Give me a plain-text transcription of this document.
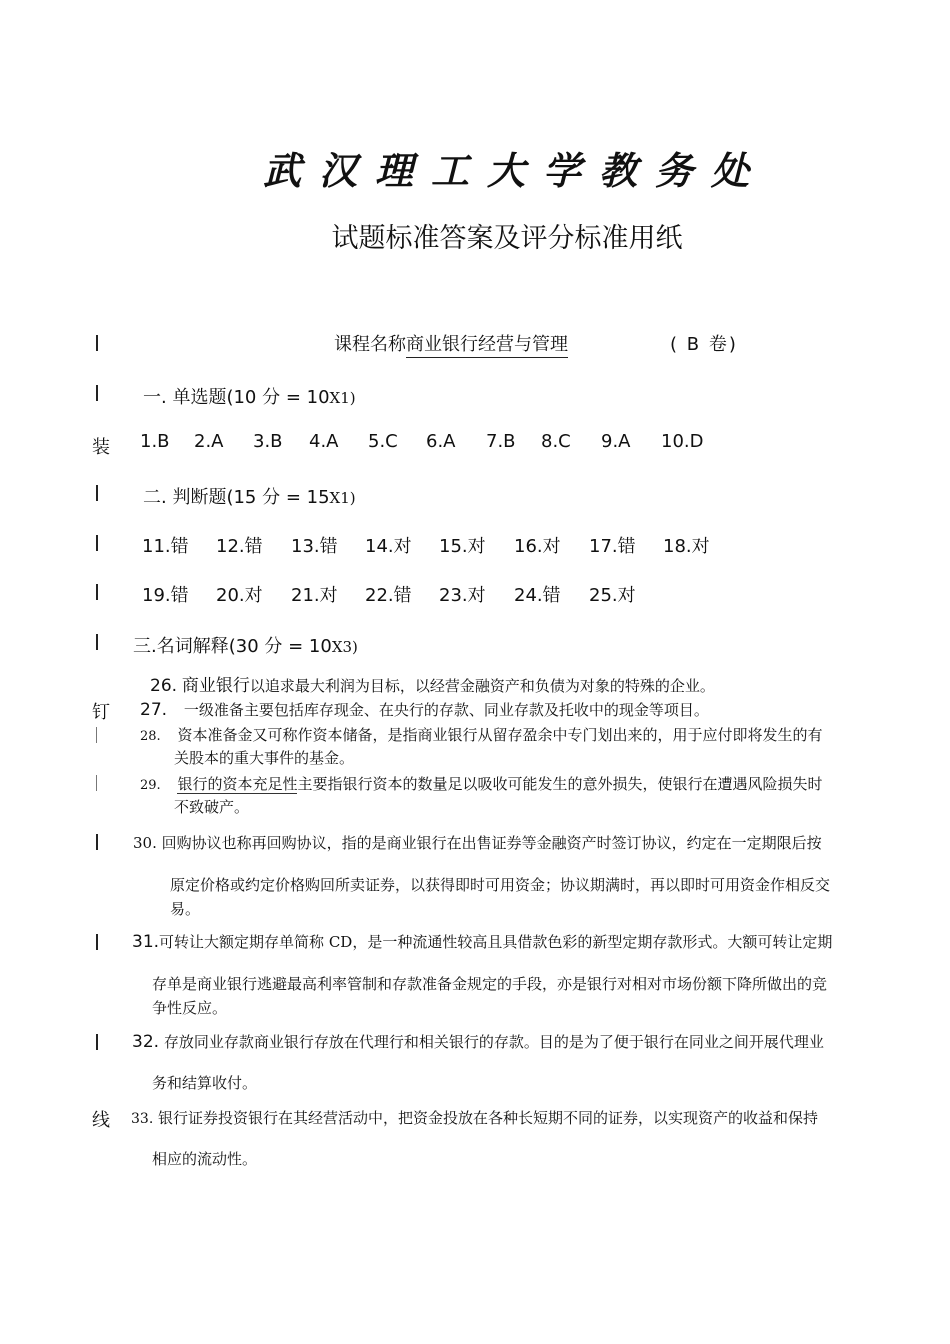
武汉理工大学教务处
试题标准答案及评分标准用纸
装
钉
线
课程名称商业银行经营与管理	( B 卷)
一. 单选题(10 分 = 10X1)
1.B 2.A 3.B 4.A 5.C 6.A 7.B 8.C 9.A 10.D
二. 判断题(15 分 = 15X1)
11.错 12.错 13.错 14.对 15.对 16.对 17.错 18.对
19.错 20.对 21.对 22.错 23.对 24.错 25.对
三.名词解释(30 分 = 10X3)
26. 商业银行以追求最大利润为目标，以经营金融资产和负债为对象的特殊的企业。
27. 一级准备主要包括库存现金、在央行的存款、同业存款及托收中的现金等项目。
28. 资本准备金又可称作资本储备，是指商业银行从留存盈余中专门划出来的，用于应付即将发生的有
关股本的重大事件的基金。
29. 银行的资本充足性主要指银行资本的数量足以吸收可能发生的意外损失，使银行在遭遇风险损失时
不致破产。
30. 回购协议也称再回购协议，指的是商业银行在出售证券等金融资产时签订协议，约定在一定期限后按
原定价格或约定价格购回所卖证券，以获得即时可用资金；协议期满时，再以即时可用资金作相反交
易。
31.可转让大额定期存单简称 CD，是一种流通性较高且具借款色彩的新型定期存款形式。大额可转让定期
存单是商业银行逃避最高利率管制和存款准备金规定的手段，亦是银行对相对市场份额下降所做出的竞
争性反应。
32. 存放同业存款商业银行存放在代理行和相关银行的存款。目的是为了便于银行在同业之间开展代理业
务和结算收付。
33. 银行证券投资银行在其经营活动中，把资金投放在各种长短期不同的证券，以实现资产的收益和保持
相应的流动性。
